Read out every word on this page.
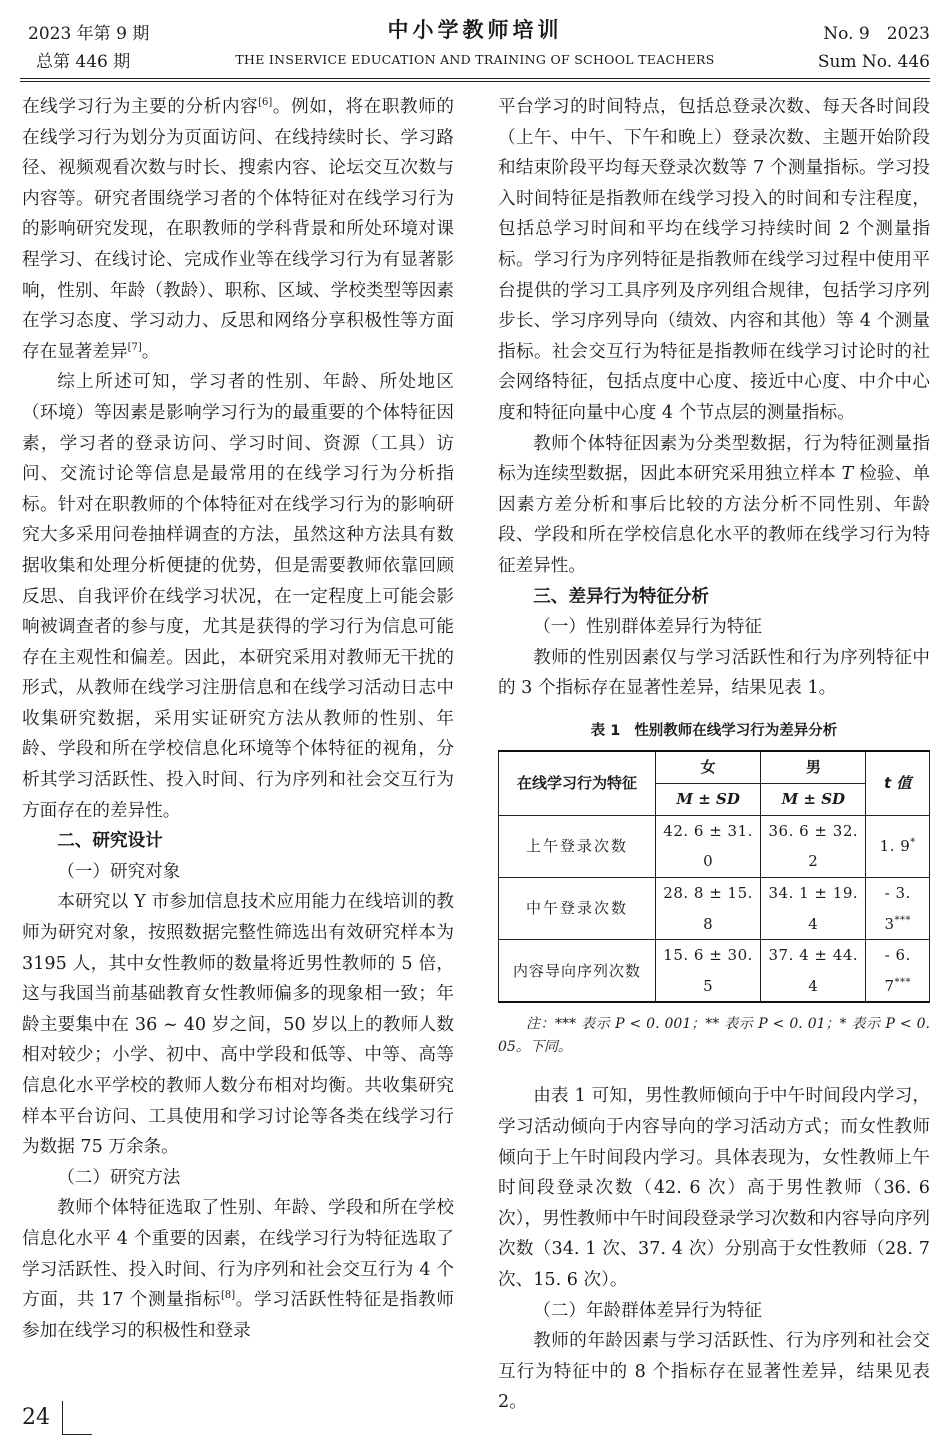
2023 年第 9 期
总第 446 期
中小学教师培训
THE INSERVICE EDUCATION AND TRAINING OF SCHOOL TEACHERS
No. 9　2023
Sum No. 446

在线学习行为主要的分析内容[6]。例如，将在职教师的在线学习行为划分为页面访问、在线持续时长、学习路径、视频观看次数与时长、搜索内容、论坛交互次数与内容等。研究者围绕学习者的个体特征对在线学习行为的影响研究发现，在职教师的学科背景和所处环境对课程学习、在线讨论、完成作业等在线学习行为有显著影响，性别、年龄（教龄）、职称、区域、学校类型等因素在学习态度、学习动力、反思和网络分享积极性等方面存在显著差异[7]。

综上所述可知，学习者的性别、年龄、所处地区（环境）等因素是影响学习行为的最重要的个体特征因素，学习者的登录访问、学习时间、资源（工具）访问、交流讨论等信息是最常用的在线学习行为分析指标。针对在职教师的个体特征对在线学习行为的影响研究大多采用问卷抽样调查的方法，虽然这种方法具有数据收集和处理分析便捷的优势，但是需要教师依靠回顾反思、自我评价在线学习状况，在一定程度上可能会影响被调查者的参与度，尤其是获得的学习行为信息可能存在主观性和偏差。因此，本研究采用对教师无干扰的形式，从教师在线学习注册信息和在线学习活动日志中收集研究数据，采用实证研究方法从教师的性别、年龄、学段和所在学校信息化环境等个体特征的视角，分析其学习活跃性、投入时间、行为序列和社会交互行为方面存在的差异性。

二、研究设计

（一）研究对象

本研究以 Y 市参加信息技术应用能力在线培训的教师为研究对象，按照数据完整性筛选出有效研究样本为3195 人，其中女性教师的数量将近男性教师的 5 倍，这与我国当前基础教育女性教师偏多的现象相一致；年龄主要集中在 36 ~ 40 岁之间，50 岁以上的教师人数相对较少；小学、初中、高中学段和低等、中等、高等信息化水平学校的教师人数分布相对均衡。共收集研究样本平台访问、工具使用和学习讨论等各类在线学习行为数据 75 万余条。

（二）研究方法

教师个体特征选取了性别、年龄、学段和所在学校信息化水平 4 个重要的因素，在线学习行为特征选取了学习活跃性、投入时间、行为序列和社会交互行为 4 个方面，共 17 个测量指标[8]。学习活跃性特征是指教师参加在线学习的积极性和登录

平台学习的时间特点，包括总登录次数、每天各时间段（上午、中午、下午和晚上）登录次数、主题开始阶段和结束阶段平均每天登录次数等 7 个测量指标。学习投入时间特征是指教师在线学习投入的时间和专注程度，包括总学习时间和平均在线学习持续时间 2 个测量指标。学习行为序列特征是指教师在线学习过程中使用平台提供的学习工具序列及序列组合规律，包括学习序列步长、学习序列导向（绩效、内容和其他）等 4 个测量指标。社会交互行为特征是指教师在线学习讨论时的社会网络特征，包括点度中心度、接近中心度、中介中心度和特征向量中心度 4 个节点层的测量指标。

教师个体特征因素为分类型数据，行为特征测量指标为连续型数据，因此本研究采用独立样本 T 检验、单因素方差分析和事后比较的方法分析不同性别、年龄段、学段和所在学校信息化水平的教师在线学习行为特征差异性。

三、差异行为特征分析

（一）性别群体差异行为特征

教师的性别因素仅与学习活跃性和行为序列特征中的 3 个指标存在显著性差异，结果见表 1。

表 1 性别教师在线学习行为差异分析
在线学习行为特征	女	男	t 值
	M ± SD	M ± SD	
上午登录次数	42. 6 ± 31. 0	36. 6 ± 32. 2	1. 9*
中午登录次数	28. 8 ± 15. 8	34. 1 ± 19. 4	- 3. 3***
内容导向序列次数	15. 6 ± 30. 5	37. 4 ± 44. 4	- 6. 7***
注：*** 表示 P < 0. 001；** 表示 P < 0. 01；* 表示 P < 0. 05。下同。

由表 1 可知，男性教师倾向于中午时间段内学习，学习活动倾向于内容导向的学习活动方式；而女性教师倾向于上午时间段内学习。具体表现为，女性教师上午时间段登录次数（42. 6 次）高于男性教师（36. 6 次），男性教师中午时间段登录学习次数和内容导向序列次数（34. 1 次、37. 4 次）分别高于女性教师（28. 7 次、15. 6 次）。

（二）年龄群体差异行为特征

教师的年龄因素与学习活跃性、行为序列和社会交互行为特征中的 8 个指标存在显著性差异，结果见表 2。

24
